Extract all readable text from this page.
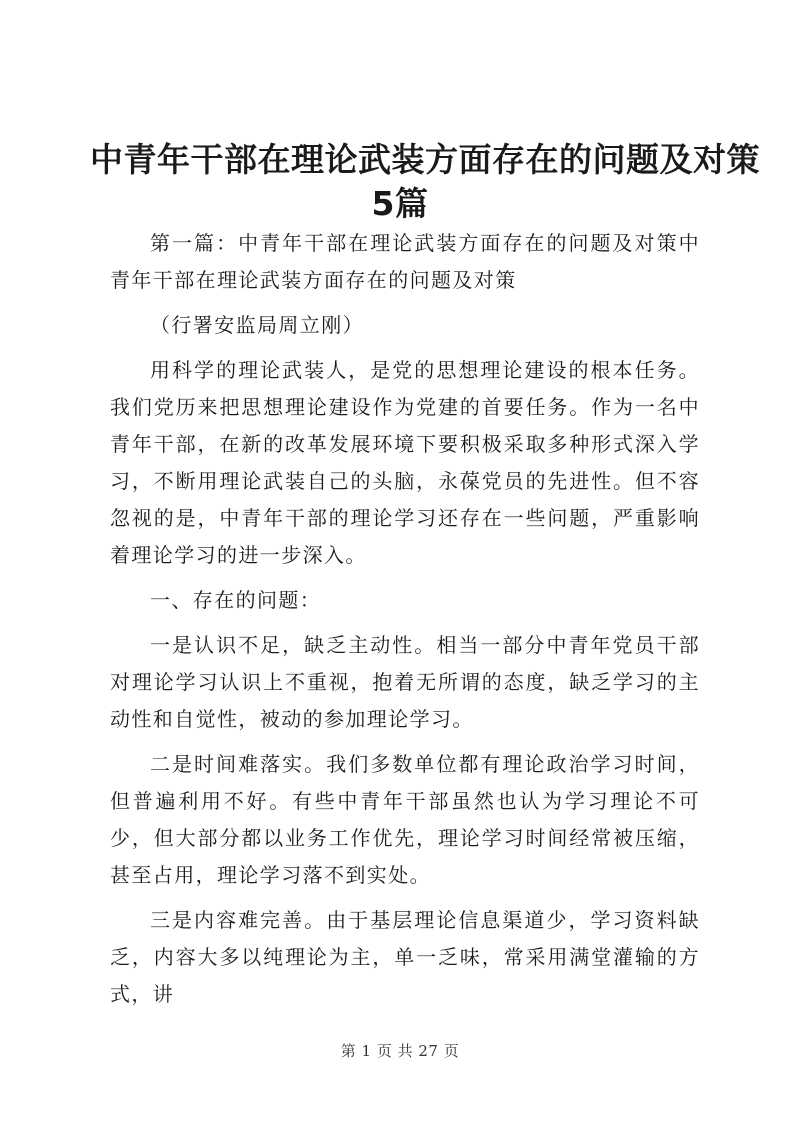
中青年干部在理论武装方面存在的问题及对策
5篇

第一篇：中青年干部在理论武装方面存在的问题及对策中青年干部在理论武装方面存在的问题及对策

（行署安监局周立刚）

用科学的理论武装人，是党的思想理论建设的根本任务。我们党历来把思想理论建设作为党建的首要任务。作为一名中青年干部，在新的改革发展环境下要积极采取多种形式深入学习，不断用理论武装自己的头脑，永葆党员的先进性。但不容忽视的是，中青年干部的理论学习还存在一些问题，严重影响着理论学习的进一步深入。

一、存在的问题：

一是认识不足，缺乏主动性。相当一部分中青年党员干部对理论学习认识上不重视，抱着无所谓的态度，缺乏学习的主动性和自觉性，被动的参加理论学习。

二是时间难落实。我们多数单位都有理论政治学习时间，但普遍利用不好。有些中青年干部虽然也认为学习理论不可少，但大部分都以业务工作优先，理论学习时间经常被压缩，甚至占用，理论学习落不到实处。

三是内容难完善。由于基层理论信息渠道少，学习资料缺乏，内容大多以纯理论为主，单一乏味，常采用满堂灌输的方式，讲

第 1 页 共 27 页
